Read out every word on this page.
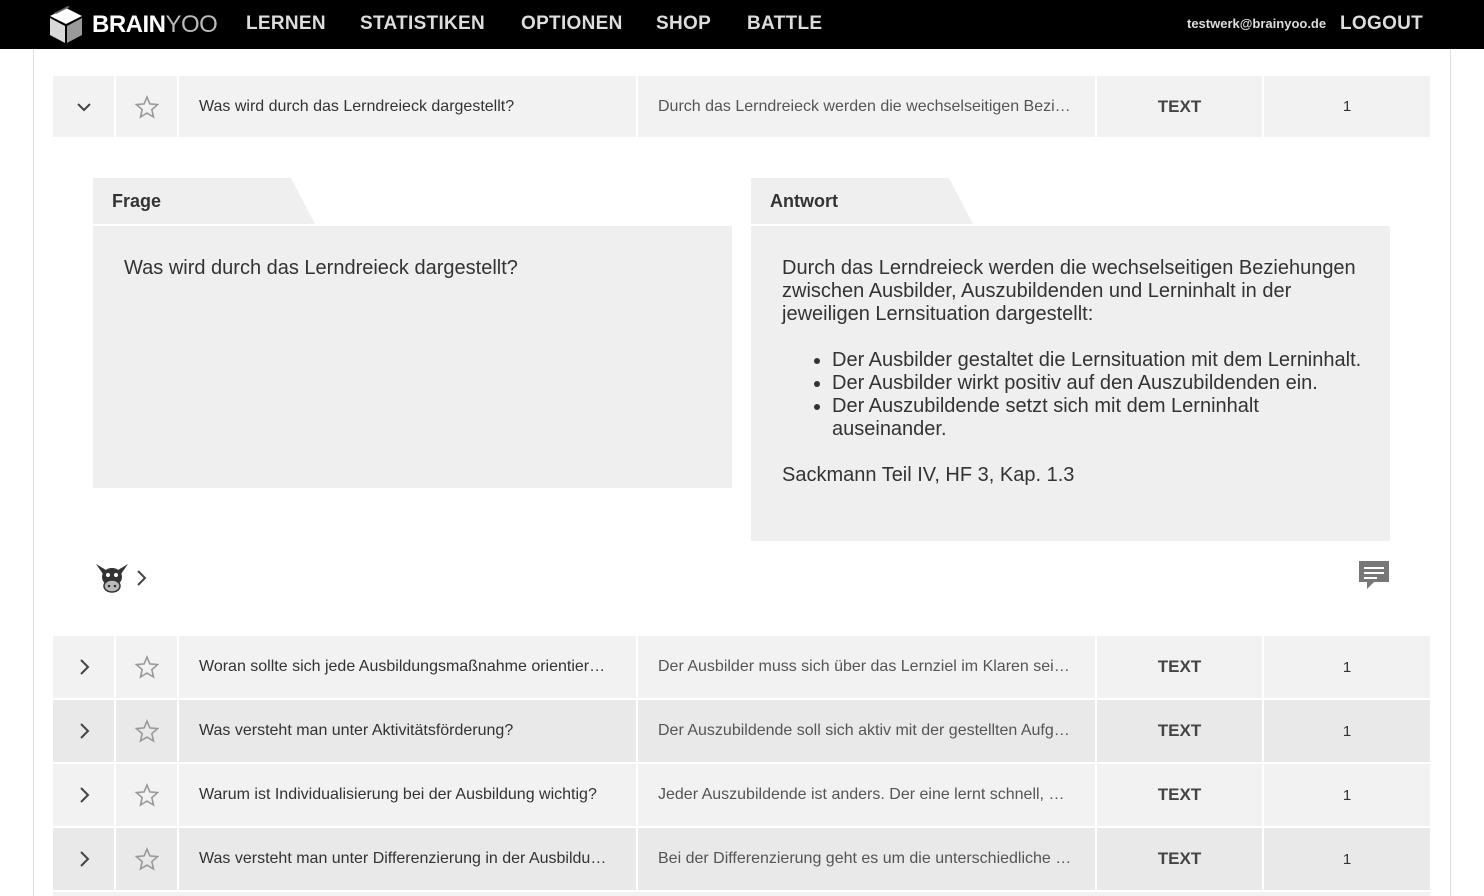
BRAINYOO LERNEN STATISTIKEN OPTIONEN SHOP BATTLE	testwerk@brainyoo.de LOGOUT
Was wird durch das Lerndreieck dargestellt?	Durch das Lerndreieck werden die wechselseitigen Bezi…	TEXT	1
Frage
Was wird durch das Lerndreieck dargestellt?
Antwort
Durch das Lerndreieck werden die wechselseitigen Beziehungen zwischen Ausbilder, Auszubildenden und Lerninhalt in der jeweiligen Lernsituation dargestellt:
• Der Ausbilder gestaltet die Lernsituation mit dem Lerninhalt.
• Der Ausbilder wirkt positiv auf den Auszubildenden ein.
• Der Auszubildende setzt sich mit dem Lerninhalt auseinander.
Sackmann Teil IV, HF 3, Kap. 1.3
Woran sollte sich jede Ausbildungsmaßnahme orientier…	Der Ausbilder muss sich über das Lernziel im Klaren sei…	TEXT	1
Was versteht man unter Aktivitätsförderung?	Der Auszubildende soll sich aktiv mit der gestellten Aufg…	TEXT	1
Warum ist Individualisierung bei der Ausbildung wichtig?	Jeder Auszubildende ist anders. Der eine lernt schnell, …	TEXT	1
Was versteht man unter Differenzierung in der Ausbildu…	Bei der Differenzierung geht es um die unterschiedliche …	TEXT	1
